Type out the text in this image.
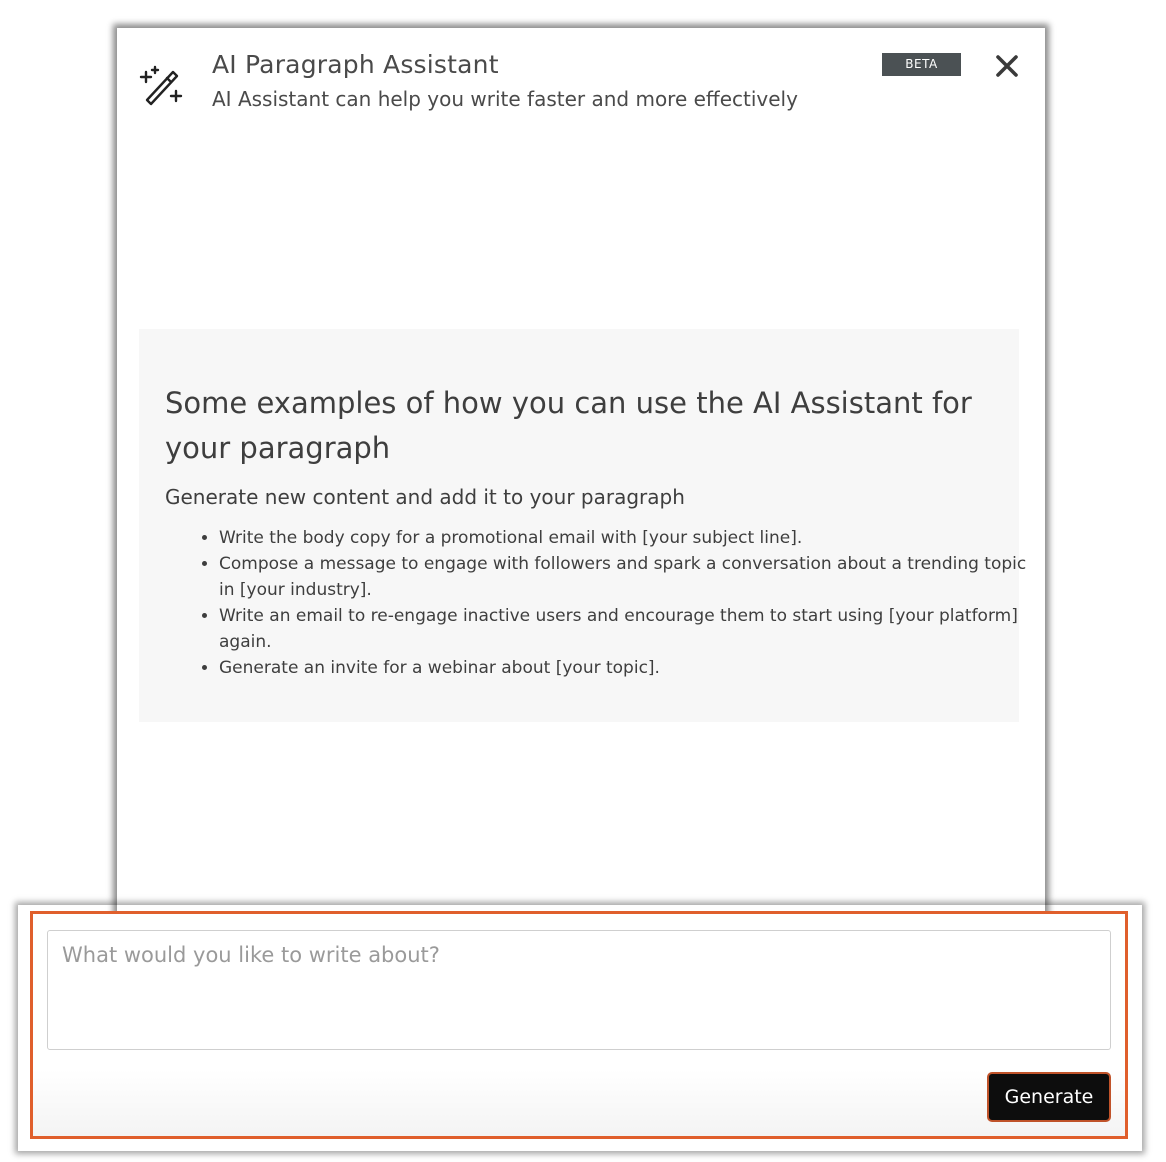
AI Paragraph Assistant

AI Assistant can help you write faster and more effectively

BETA
Some examples of how you can use the AI Assistant for your paragraph

Generate new content and add it to your paragraph

• Write the body copy for a promotional email with [your subject line].
• Compose a message to engage with followers and spark a conversation about a trending topic in [your industry].
• Write an email to re-engage inactive users and encourage them to start using [your platform] again.
• Generate an invite for a webinar about [your topic].
What would you like to write about?
Generate
